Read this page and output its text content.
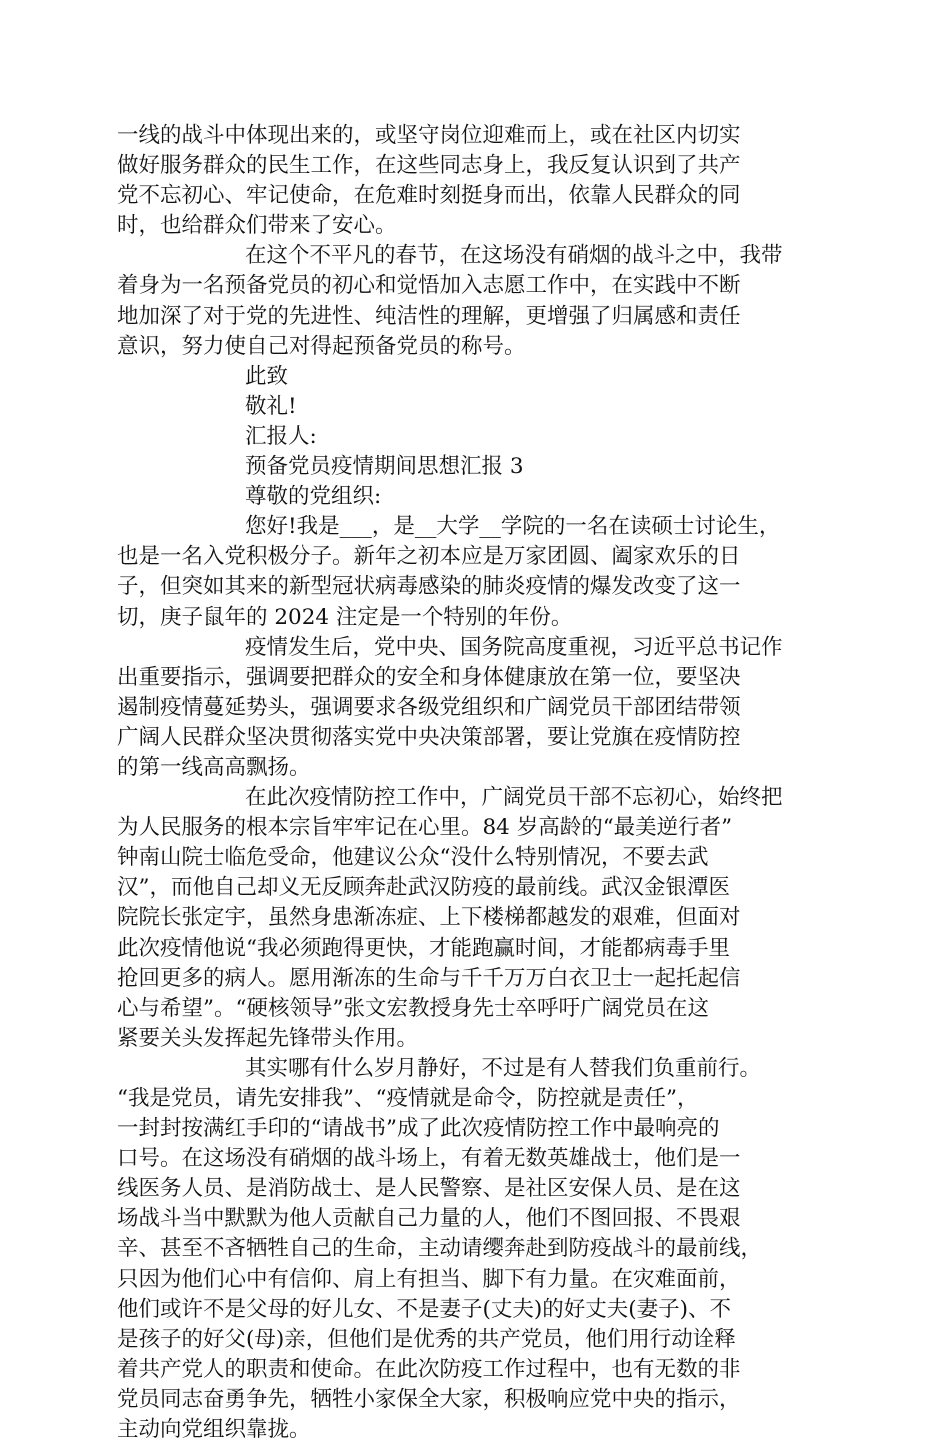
一线的战斗中体现出来的，或坚守岗位迎难而上，或在社区内切实
做好服务群众的民生工作，在这些同志身上，我反复认识到了共产
党不忘初心、牢记使命，在危难时刻挺身而出，依靠人民群众的同
时，也给群众们带来了安心。

在这个不平凡的春节，在这场没有硝烟的战斗之中，我带
着身为一名预备党员的初心和觉悟加入志愿工作中，在实践中不断
地加深了对于党的先进性、纯洁性的理解，更增强了归属感和责任
意识，努力使自己对得起预备党员的称号。

此致

敬礼!

汇报人:

预备党员疫情期间思想汇报 3

尊敬的党组织:

您好!我是___，是__大学__学院的一名在读硕士讨论生，
也是一名入党积极分子。新年之初本应是万家团圆、阖家欢乐的日
子，但突如其来的新型冠状病毒感染的肺炎疫情的爆发改变了这一
切，庚子鼠年的 2024 注定是一个特别的年份。

疫情发生后，党中央、国务院高度重视，习近平总书记作
出重要指示，强调要把群众的安全和身体健康放在第一位，要坚决
遏制疫情蔓延势头，强调要求各级党组织和广阔党员干部团结带领
广阔人民群众坚决贯彻落实党中央决策部署，要让党旗在疫情防控
的第一线高高飘扬。

在此次疫情防控工作中，广阔党员干部不忘初心，始终把
为人民服务的根本宗旨牢牢记在心里。84 岁高龄的“最美逆行者”
钟南山院士临危受命，他建议公众“没什么特别情况，不要去武
汉”，而他自己却义无反顾奔赴武汉防疫的最前线。武汉金银潭医
院院长张定宇，虽然身患渐冻症、上下楼梯都越发的艰难，但面对
此次疫情他说“我必须跑得更快，才能跑赢时间，才能都病毒手里
抢回更多的病人。愿用渐冻的生命与千千万万白衣卫士一起托起信
心与希望”。“硬核领导”张文宏教授身先士卒呼吁广阔党员在这
紧要关头发挥起先锋带头作用。

其实哪有什么岁月静好，不过是有人替我们负重前行。
“我是党员，请先安排我”、“疫情就是命令，防控就是责任”，
一封封按满红手印的“请战书”成了此次疫情防控工作中最响亮的
口号。在这场没有硝烟的战斗场上，有着无数英雄战士，他们是一
线医务人员、是消防战士、是人民警察、是社区安保人员、是在这
场战斗当中默默为他人贡献自己力量的人，他们不图回报、不畏艰
辛、甚至不吝牺牲自己的生命，主动请缨奔赴到防疫战斗的最前线，
只因为他们心中有信仰、肩上有担当、脚下有力量。在灾难面前，
他们或许不是父母的好儿女、不是妻子(丈夫)的好丈夫(妻子)、不
是孩子的好父(母)亲，但他们是优秀的共产党员，他们用行动诠释
着共产党人的职责和使命。在此次防疫工作过程中，也有无数的非
党员同志奋勇争先，牺牲小家保全大家，积极响应党中央的指示，
主动向党组织靠拢。
